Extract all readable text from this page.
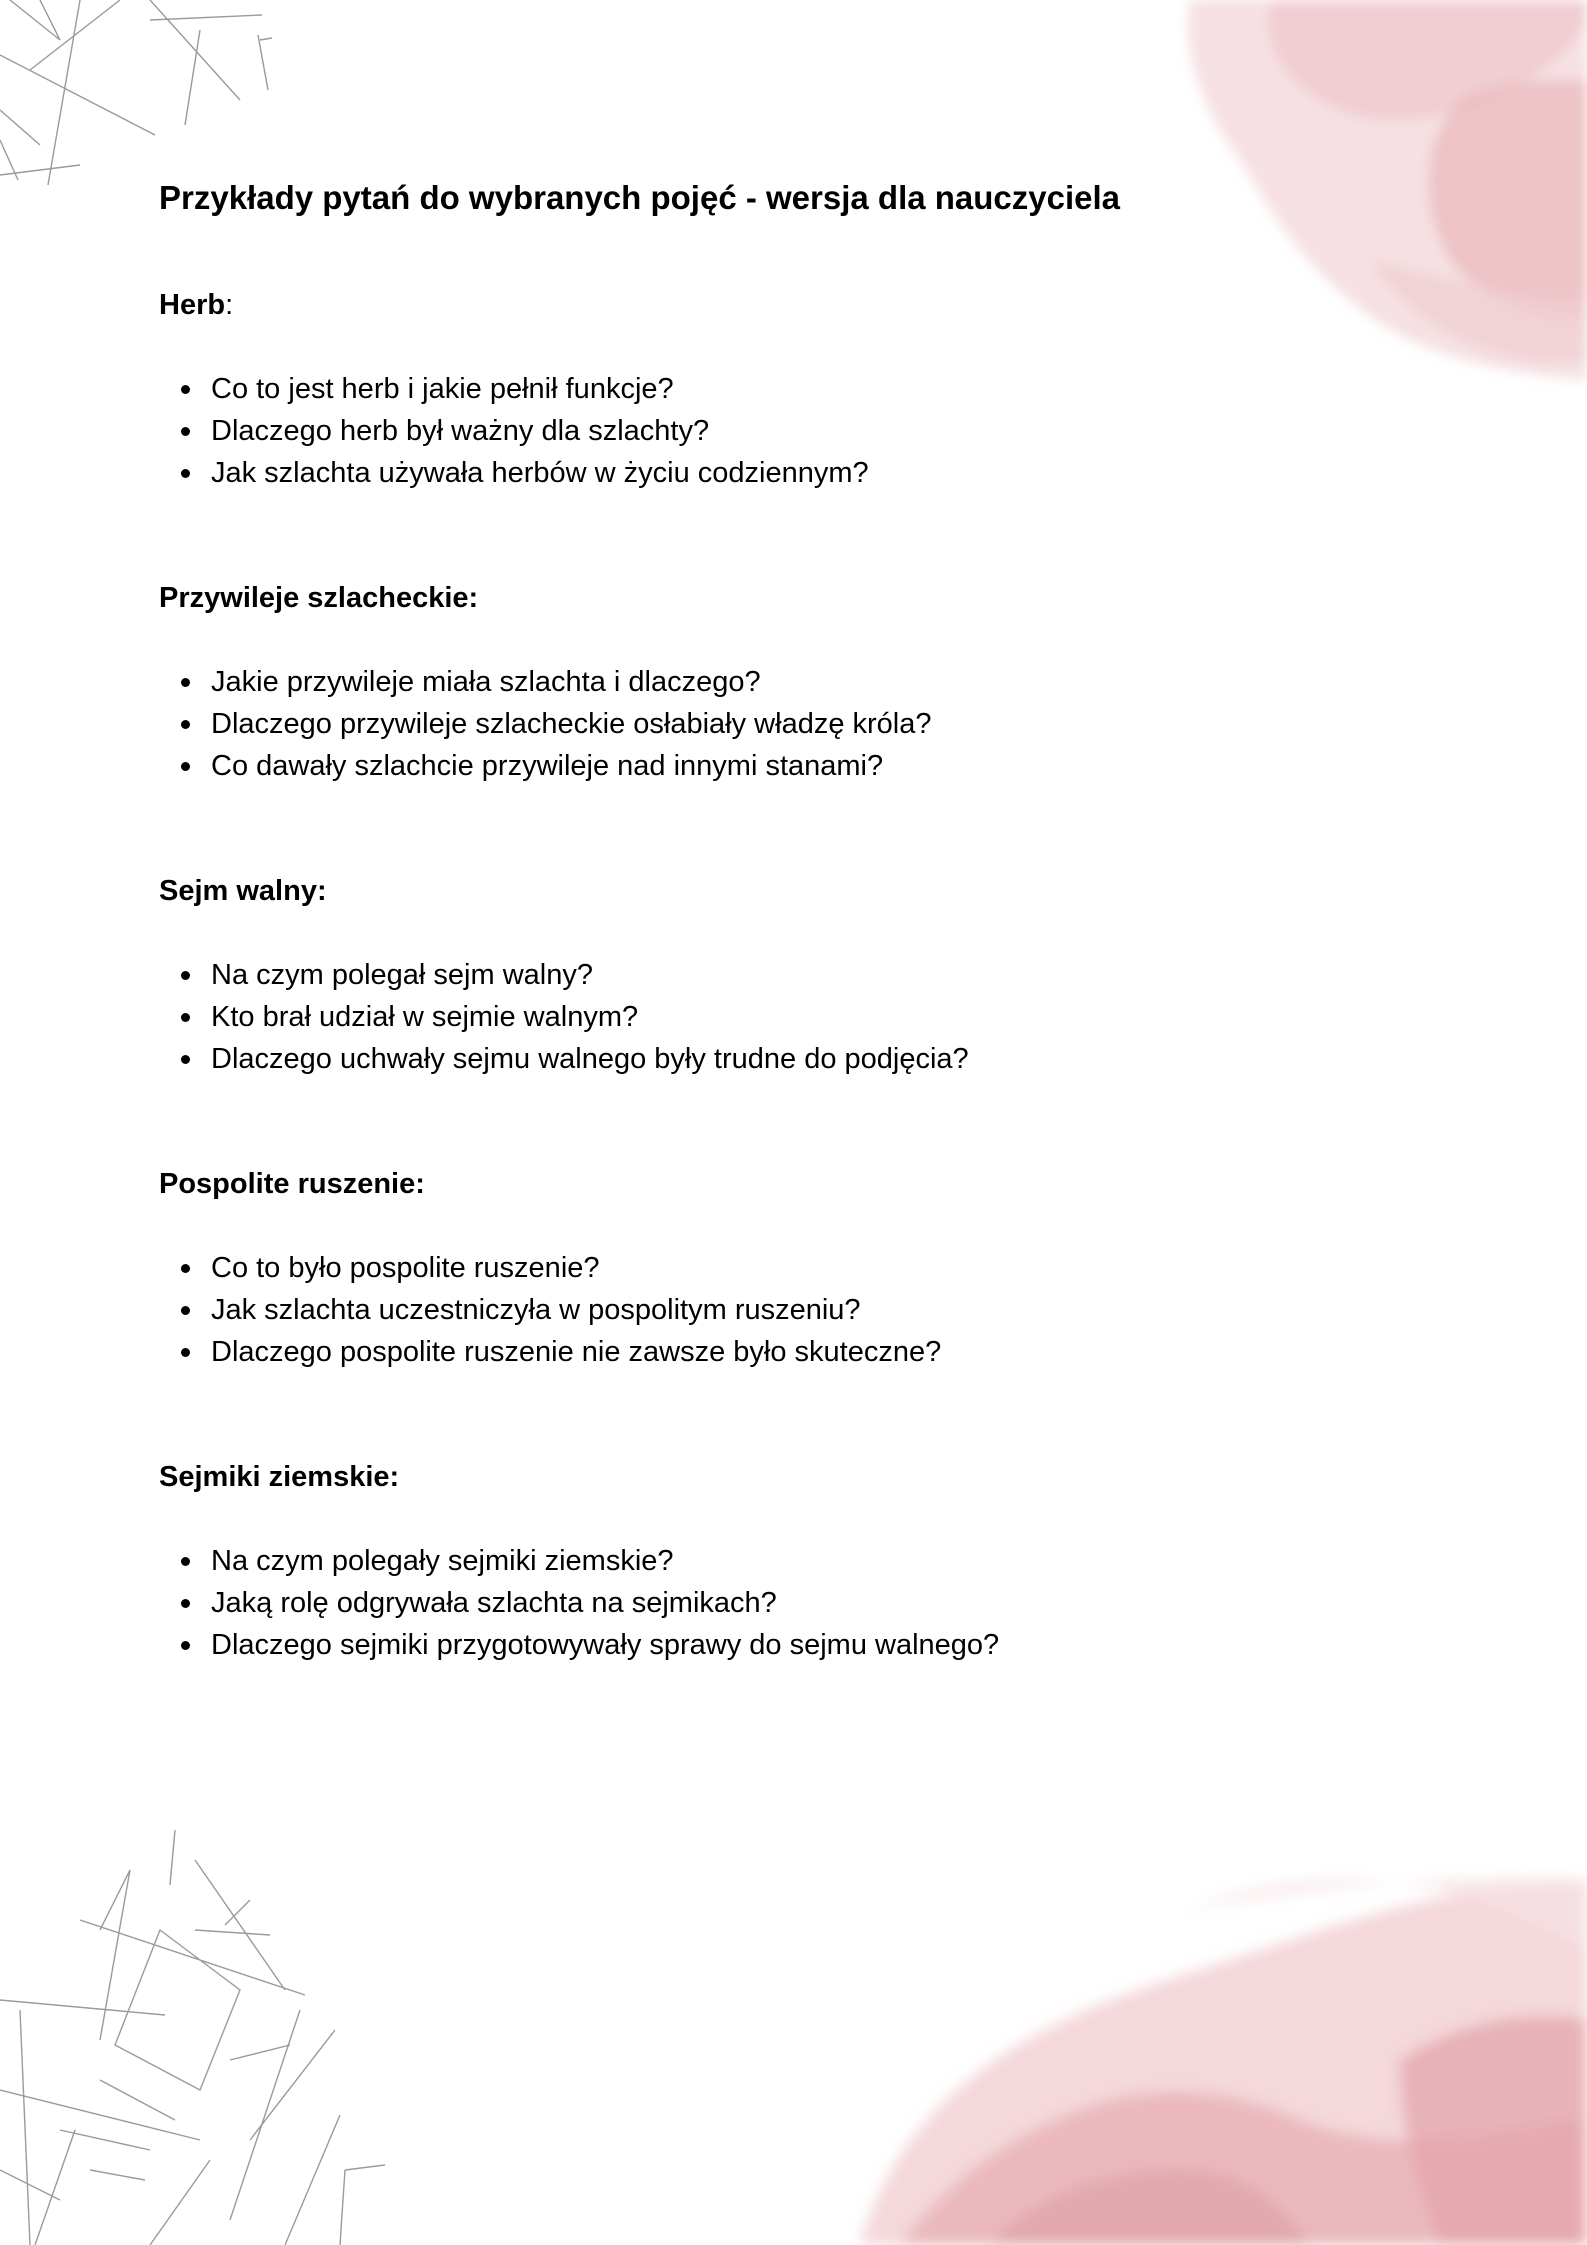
Przykłady pytań do wybranych pojęć - wersja dla nauczyciela

Herb:

Co to jest herb i jakie pełnił funkcje?
Dlaczego herb był ważny dla szlachty?
Jak szlachta używała herbów w życiu codziennym?

Przywileje szlacheckie:

Jakie przywileje miała szlachta i dlaczego?
Dlaczego przywileje szlacheckie osłabiały władzę króla?
Co dawały szlachcie przywileje nad innymi stanami?

Sejm walny:

Na czym polegał sejm walny?
Kto brał udział w sejmie walnym?
Dlaczego uchwały sejmu walnego były trudne do podjęcia?

Pospolite ruszenie:

Co to było pospolite ruszenie?
Jak szlachta uczestniczyła w pospolitym ruszeniu?
Dlaczego pospolite ruszenie nie zawsze było skuteczne?

Sejmiki ziemskie:

Na czym polegały sejmiki ziemskie?
Jaką rolę odgrywała szlachta na sejmikach?
Dlaczego sejmiki przygotowywały sprawy do sejmu walnego?
